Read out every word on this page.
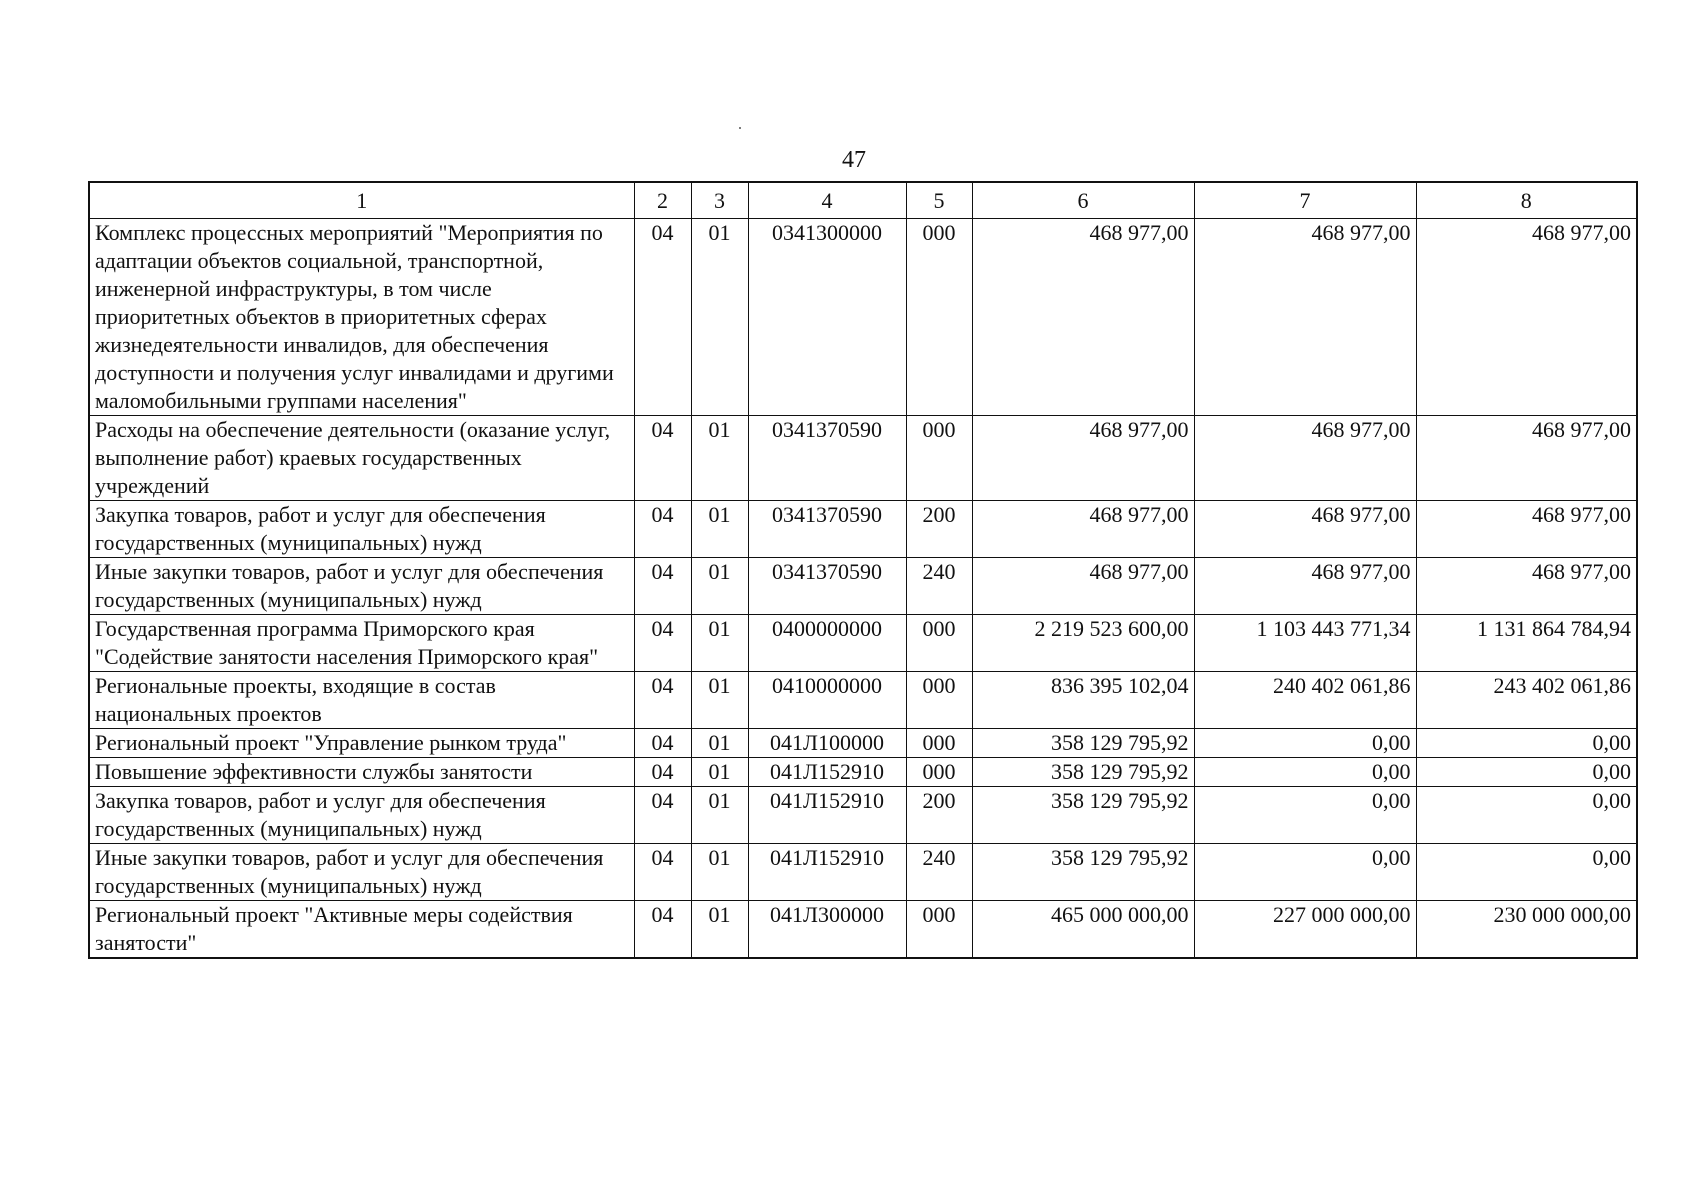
47
1	2	3	4	5	6	7	8
Комплекс процессных мероприятий "Мероприятия по адаптации объектов социальной, транспортной, инженерной инфраструктуры, в том числе приоритетных объектов в приоритетных сферах жизнедеятельности инвалидов, для обеспечения доступности и получения услуг инвалидами и другими маломобильными группами населения"	04	01	0341300000	000	468 977,00	468 977,00	468 977,00
Расходы на обеспечение деятельности (оказание услуг, выполнение работ) краевых государственных учреждений	04	01	0341370590	000	468 977,00	468 977,00	468 977,00
Закупка товаров, работ и услуг для обеспечения государственных (муниципальных) нужд	04	01	0341370590	200	468 977,00	468 977,00	468 977,00
Иные закупки товаров, работ и услуг для обеспечения государственных (муниципальных) нужд	04	01	0341370590	240	468 977,00	468 977,00	468 977,00
Государственная программа Приморского края "Содействие занятости населения Приморского края"	04	01	0400000000	000	2 219 523 600,00	1 103 443 771,34	1 131 864 784,94
Региональные проекты, входящие в состав национальных проектов	04	01	0410000000	000	836 395 102,04	240 402 061,86	243 402 061,86
Региональный проект "Управление рынком труда"	04	01	041Л100000	000	358 129 795,92	0,00	0,00
Повышение эффективности службы занятости	04	01	041Л152910	000	358 129 795,92	0,00	0,00
Закупка товаров, работ и услуг для обеспечения государственных (муниципальных) нужд	04	01	041Л152910	200	358 129 795,92	0,00	0,00
Иные закупки товаров, работ и услуг для обеспечения государственных (муниципальных) нужд	04	01	041Л152910	240	358 129 795,92	0,00	0,00
Региональный проект "Активные меры содействия занятости"	04	01	041Л300000	000	465 000 000,00	227 000 000,00	230 000 000,00
